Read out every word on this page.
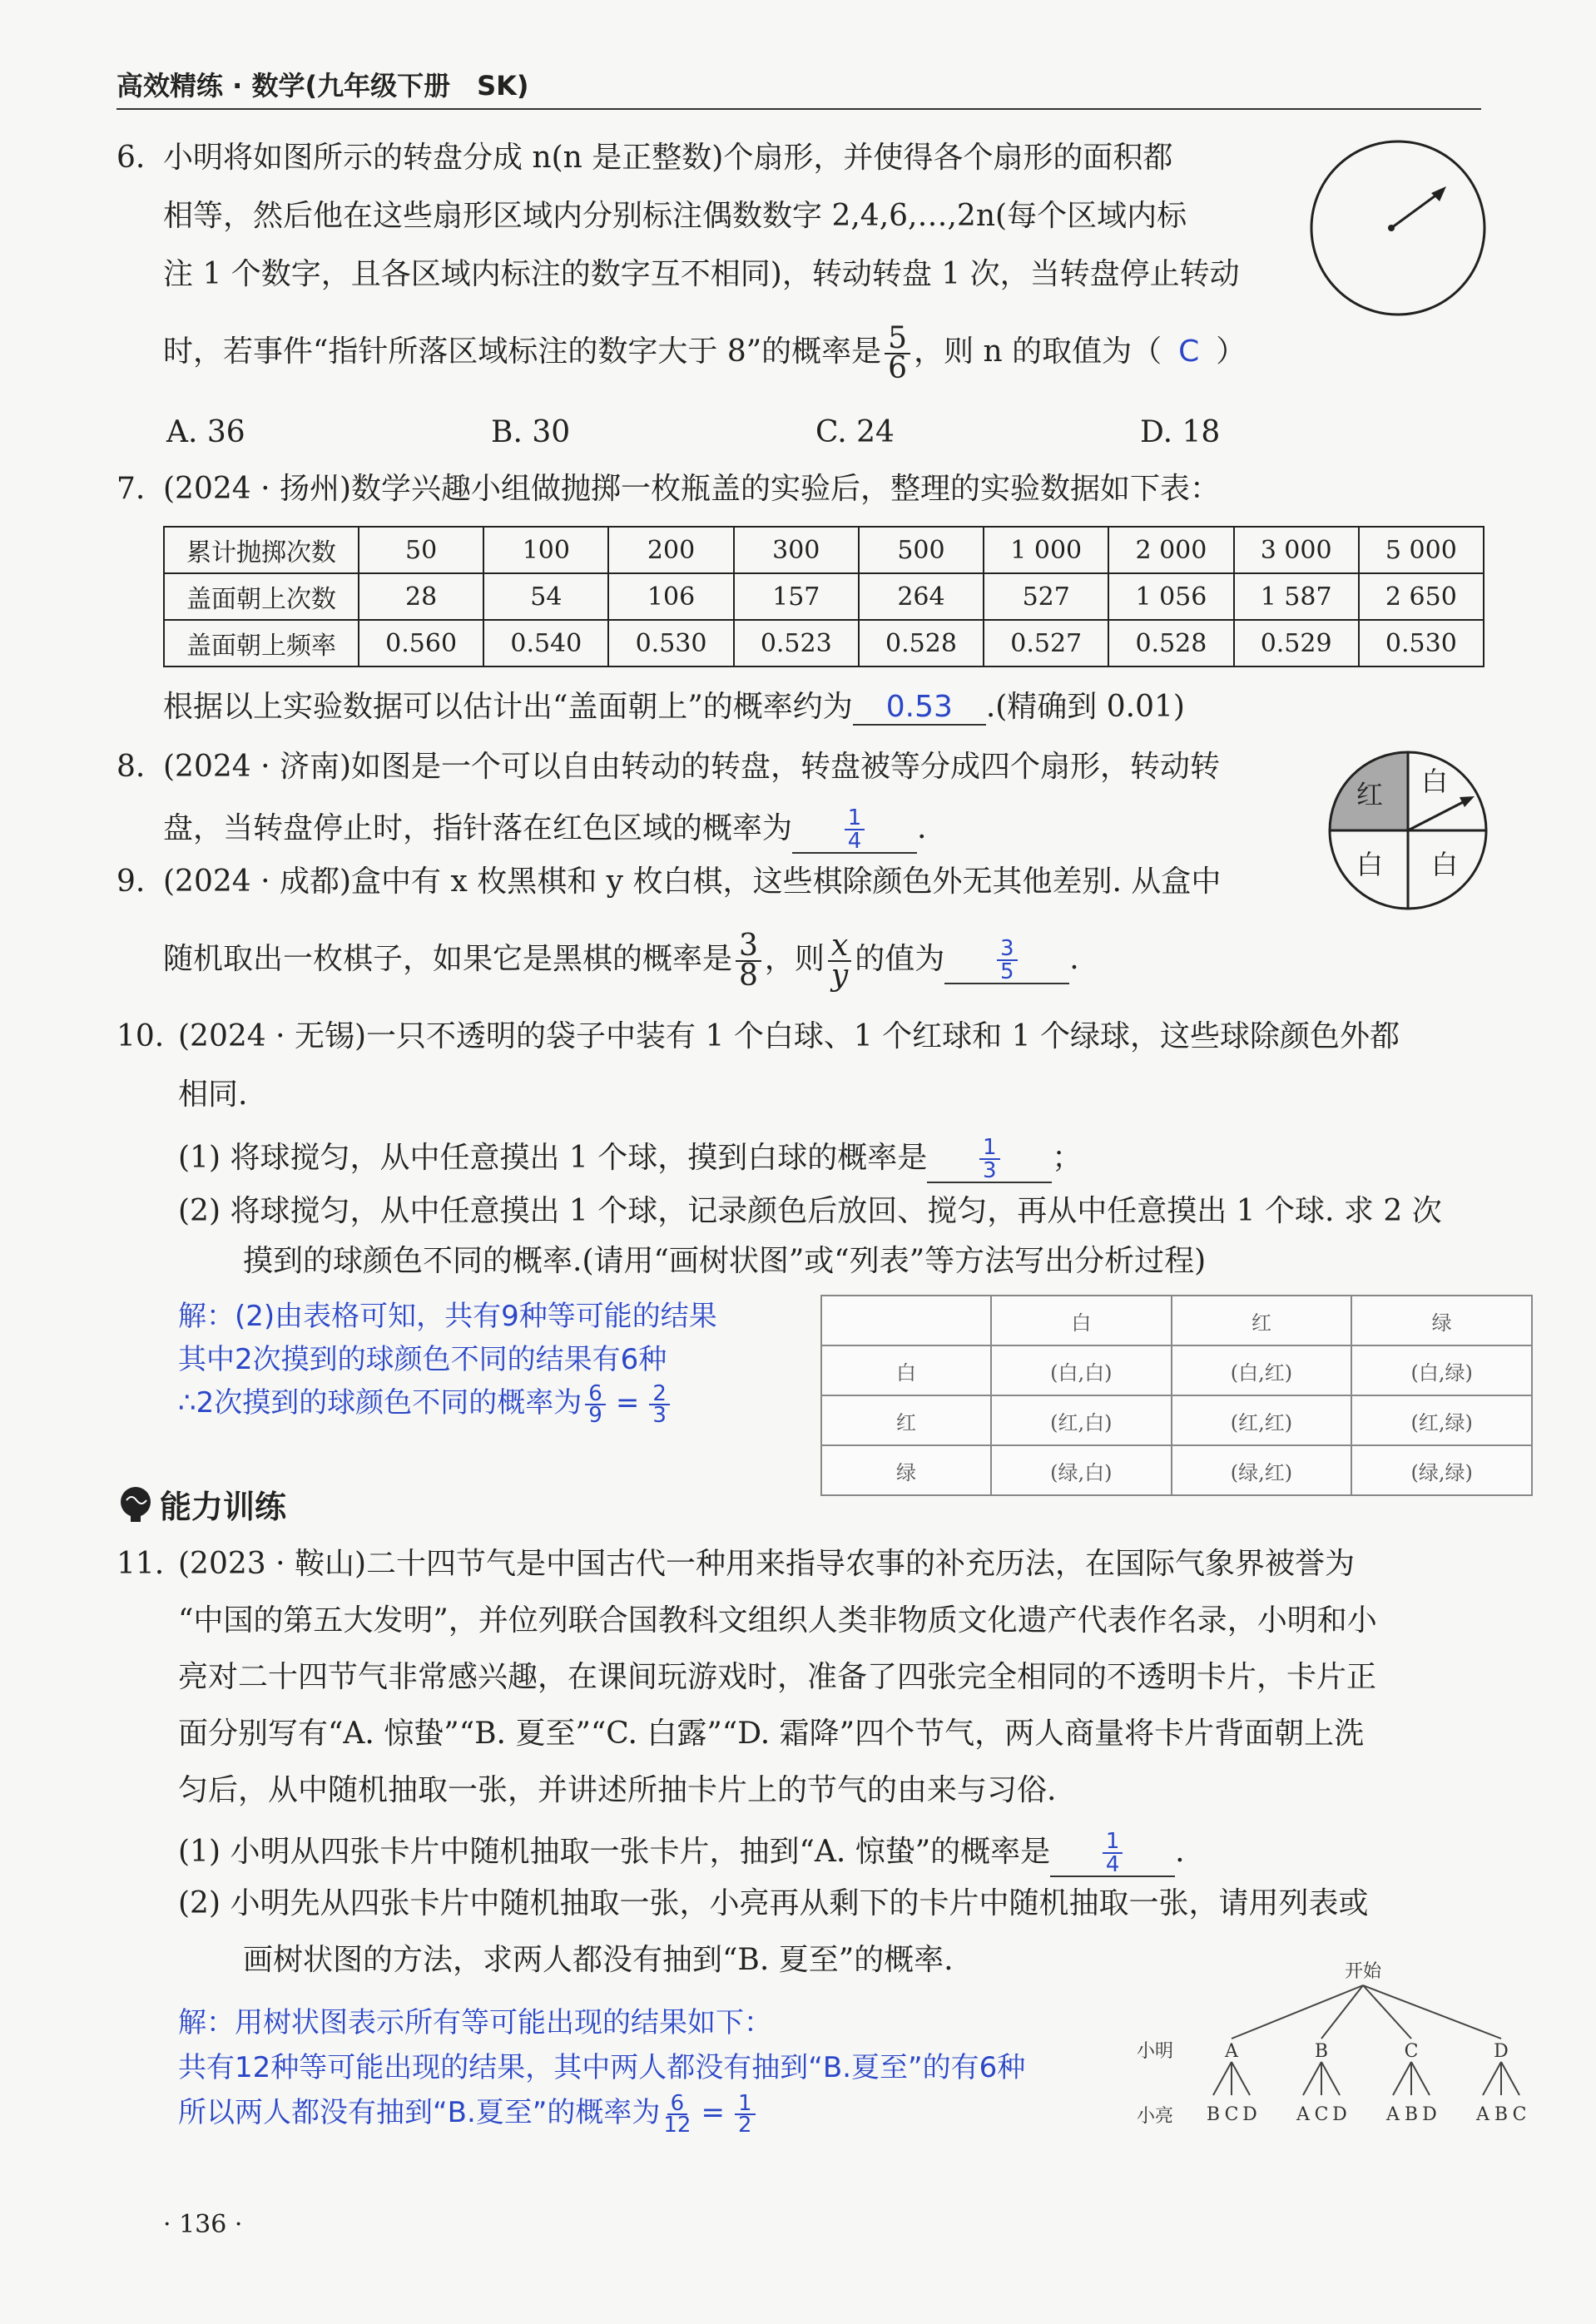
高效精练 · 数学(九年级下册　SK)
6. 小明将如图所示的转盘分成 n(n 是正整数)个扇形，并使得各个扇形的面积都
相等，然后他在这些扇形区域内分别标注偶数数字 2,4,6,…,2n(每个区域内标
注 1 个数字，且各区域内标注的数字互不相同)，转动转盘 1 次，当转盘停止转动
时，若事件“指针所落区域标注的数字大于 8”的概率是 $\frac{5}{6}$ ，则 n 的取值为（ C ）
A. 36	B. 30	C. 24	D. 18
7. (2024 · 扬州)数学兴趣小组做抛掷一枚瓶盖的实验后，整理的实验数据如下表：
累计抛掷次数	50	100	200	300	500	1 000	2 000	3 000	5 000
盖面朝上次数	28	54	106	157	264	527	1 056	1 587	2 650
盖面朝上频率	0.560	0.540	0.530	0.523	0.528	0.527	0.528	0.529	0.530
根据以上实验数据可以估计出“盖面朝上”的概率约为 0.53 .(精确到 0.01)
8. (2024 · 济南)如图是一个可以自由转动的转盘，转盘被等分成四个扇形，转动转
盘，当转盘停止时，指针落在红色区域的概率为 $\frac{1}{4}$ .
红 白
白 白
9. (2024 · 成都)盒中有 x 枚黑棋和 y 枚白棋，这些棋除颜色外无其他差别. 从盒中
随机取出一枚棋子，如果它是黑棋的概率是 $\frac{3}{8}$ ，则 $\frac{x}{y}$ 的值为 $\frac{3}{5}$ .
10. (2024 · 无锡)一只不透明的袋子中装有 1 个白球、1 个红球和 1 个绿球，这些球除颜色外都
相同.
(1) 将球搅匀，从中任意摸出 1 个球，摸到白球的概率是 $\frac{1}{3}$ ；
(2) 将球搅匀，从中任意摸出 1 个球，记录颜色后放回、搅匀，再从中任意摸出 1 个球. 求 2 次
摸到的球颜色不同的概率.(请用“画树状图”或“列表”等方法写出分析过程)
解：(2)由表格可知，共有9种等可能的结果
其中2次摸到的球颜色不同的结果有6种
∴2次摸到的球颜色不同的概率为 $\frac{6}{9} = \frac{2}{3}$
	白	红	绿
白	(白,白)	(白,红)	(白,绿)
红	(红,白)	(红,红)	(红,绿)
绿	(绿,白)	(绿,红)	(绿,绿)
能力训练
11. (2023 · 鞍山)二十四节气是中国古代一种用来指导农事的补充历法，在国际气象界被誉为
“中国的第五大发明”，并位列联合国教科文组织人类非物质文化遗产代表作名录，小明和小
亮对二十四节气非常感兴趣，在课间玩游戏时，准备了四张完全相同的不透明卡片，卡片正
面分别写有“A. 惊蛰”“B. 夏至”“C. 白露”“D. 霜降”四个节气，两人商量将卡片背面朝上洗
匀后，从中随机抽取一张，并讲述所抽卡片上的节气的由来与习俗.
(1) 小明从四张卡片中随机抽取一张卡片，抽到“A. 惊蛰”的概率是 $\frac{1}{4}$ .
(2) 小明先从四张卡片中随机抽取一张，小亮再从剩下的卡片中随机抽取一张，请用列表或
画树状图的方法，求两人都没有抽到“B. 夏至”的概率.
解：用树状图表示所有等可能出现的结果如下：
共有12种等可能出现的结果，其中两人都没有抽到“B.夏至”的有6种
所以两人都没有抽到“B.夏至”的概率为 $\frac{6}{12} = \frac{1}{2}$
开始
小明
小亮
A	B	C	D
B C D A C D A B D A B C
· 136 ·
